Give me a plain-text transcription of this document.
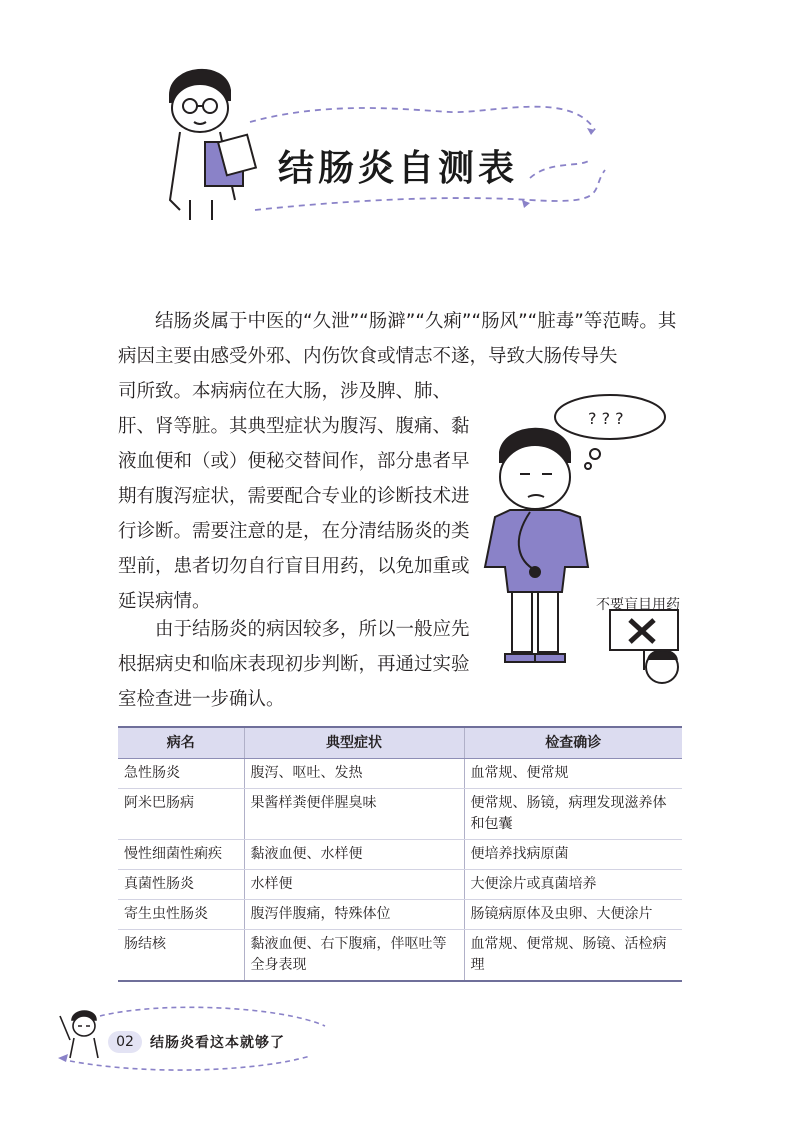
结肠炎自测表

结肠炎属于中医的“久泄”“肠澼”“久痢”“肠风”“脏毒”等范畴。其病因主要由感受外邪、内伤饮食或情志不遂，导致大肠传导失

司所致。本病病位在大肠，涉及脾、肺、肝、肾等脏。其典型症状为腹泻、腹痛、黏液血便和（或）便秘交替间作，部分患者早期有腹泻症状，需要配合专业的诊断技术进行诊断。需要注意的是，在分清结肠炎的类型前，患者切勿自行盲目用药，以免加重或延误病情。

由于结肠炎的病因较多，所以一般应先根据病史和临床表现初步判断，再通过实验室检查进一步确认。

? ? ?
不要盲目用药
病名	典型症状	检查确诊
急性肠炎	腹泻、呕吐、发热	血常规、便常规
阿米巴肠病	果酱样粪便伴腥臭味	便常规、肠镜，病理发现滋养体和包囊
慢性细菌性痢疾	黏液血便、水样便	便培养找病原菌
真菌性肠炎	水样便	大便涂片或真菌培养
寄生虫性肠炎	腹泻伴腹痛，特殊体位	肠镜病原体及虫卵、大便涂片
肠结核	黏液血便、右下腹痛，伴呕吐等全身表现	血常规、便常规、肠镜、活检病理
02	结肠炎看这本就够了
